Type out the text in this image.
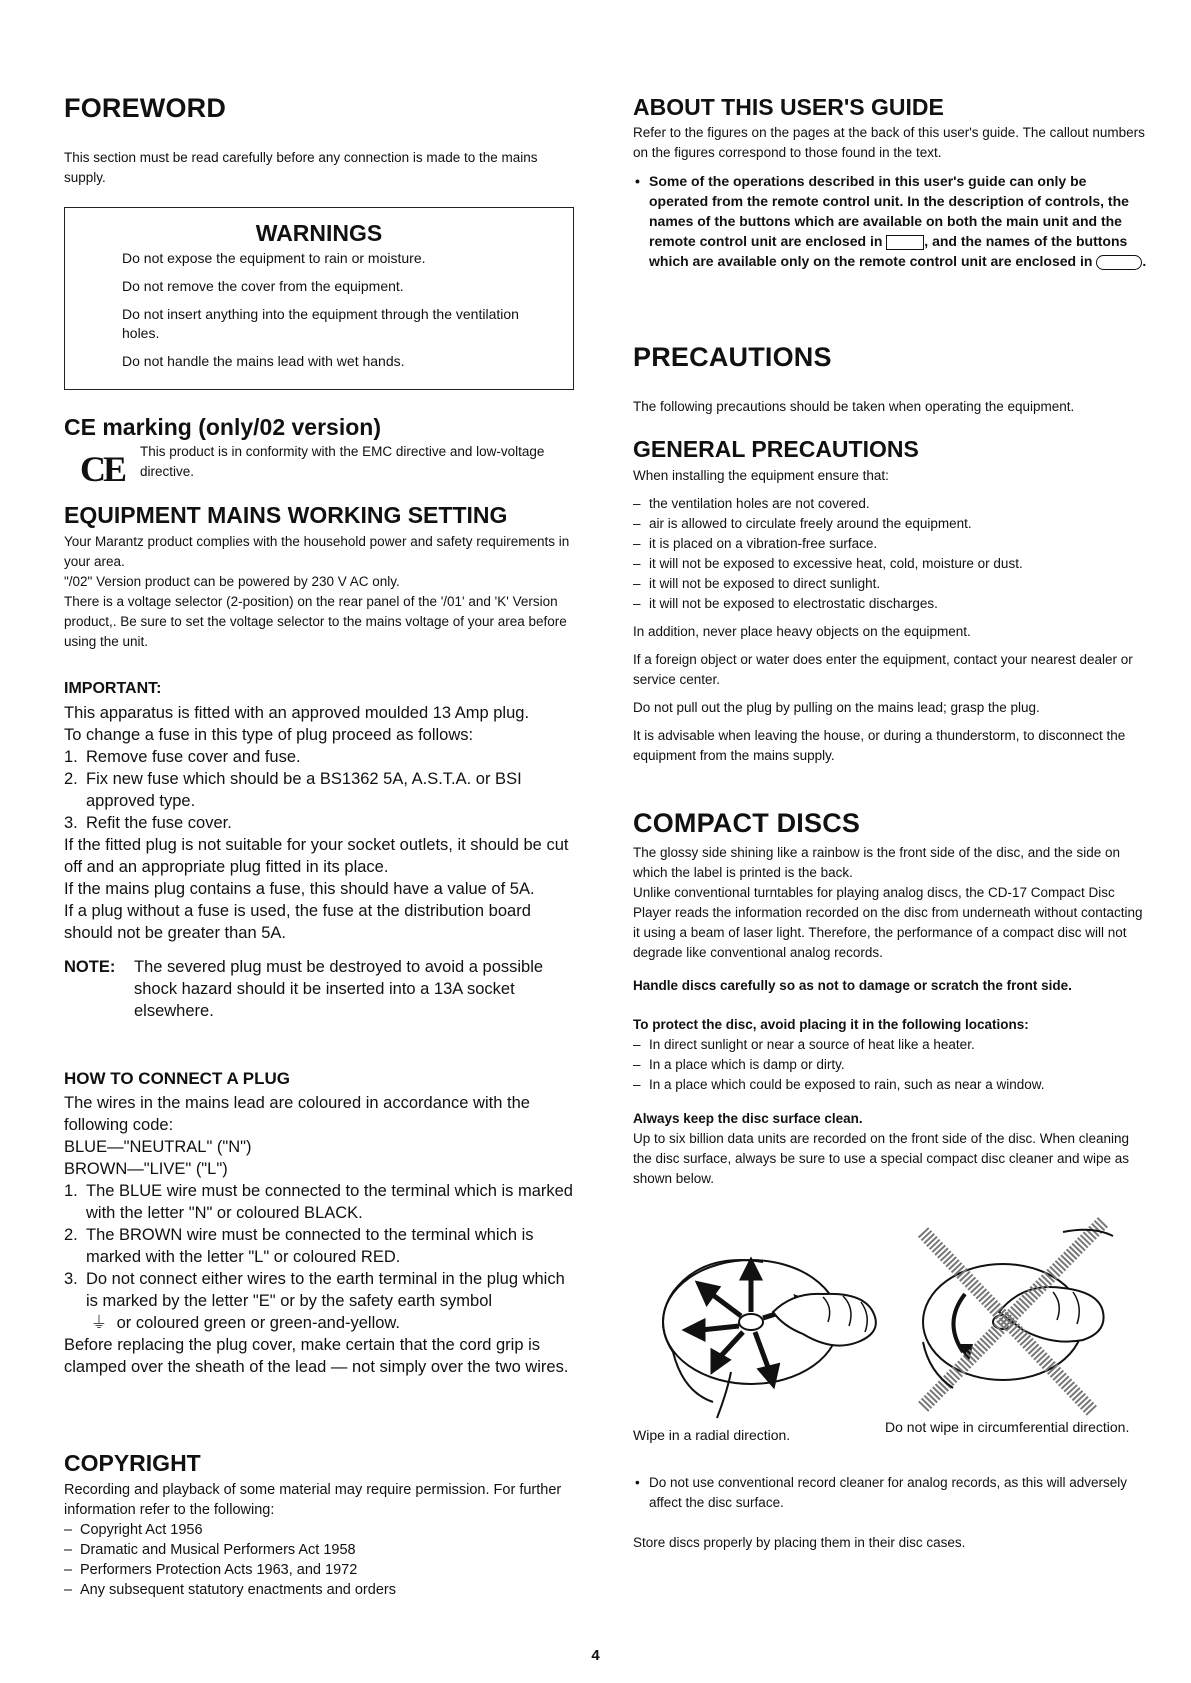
FOREWORD

This section must be read carefully before any connection is made to the mains supply.

WARNINGS

Do not expose the equipment to rain or moisture.

Do not remove the cover from the equipment.

Do not insert anything into the equipment through the ventilation holes.

Do not handle the mains lead with wet hands.

CE marking (only/02 version)
CE This product is in conformity with the EMC directive and low-voltage directive.

EQUIPMENT MAINS WORKING SETTING

Your Marantz product complies with the household power and safety requirements in your area.

"/02" Version product can be powered by 230 V AC only.

There is a voltage selector (2-position) on the rear panel of the '/01' and 'K' Version product,. Be sure to set the voltage selector to the mains voltage of your area before using the unit.

IMPORTANT:

This apparatus is fitted with an approved moulded 13 Amp plug.

To change a fuse in this type of plug proceed as follows:

1. Remove fuse cover and fuse.
2. Fix new fuse which should be a BS1362 5A, A.S.T.A. or BSI approved type.
3. Refit the fuse cover.

If the fitted plug is not suitable for your socket outlets, it should be cut off and an appropriate plug fitted in its place.

If the mains plug contains a fuse, this should have a value of 5A.

If a plug without a fuse is used, the fuse at the distribution board should not be greater than 5A.

NOTE: The severed plug must be destroyed to avoid a possible shock hazard should it be inserted into a 13A socket elsewhere.
HOW TO CONNECT A PLUG

The wires in the mains lead are coloured in accordance with the following code:

BLUE—"NEUTRAL" ("N")

BROWN—"LIVE" ("L")

1. The BLUE wire must be connected to the terminal which is marked with the letter "N" or coloured BLACK.
2. The BROWN wire must be connected to the terminal which is marked with the letter "L" or coloured RED.
3. Do not connect either wires to the earth terminal in the plug which is marked by the letter "E" or by the safety earth symbol
⏚ or coloured green or green-and-yellow.

Before replacing the plug cover, make certain that the cord grip is clamped over the sheath of the lead — not simply over the two wires.

COPYRIGHT

Recording and playback of some material may require permission. For further information refer to the following:

– Copyright Act 1956
– Dramatic and Musical Performers Act 1958
– Performers Protection Acts 1963, and 1972
– Any subsequent statutory enactments and orders
ABOUT THIS USER'S GUIDE

Refer to the figures on the pages at the back of this user's guide. The callout numbers on the figures correspond to those found in the text.

• Some of the operations described in this user's guide can only be operated from the remote control unit. In the description of controls, the names of the buttons which are available on both the main unit and the remote control unit are enclosed in	, and the names of the buttons which are available only on the remote control unit are enclosed in	.
PRECAUTIONS

The following precautions should be taken when operating the equipment.

GENERAL PRECAUTIONS

When installing the equipment ensure that:

– the ventilation holes are not covered.
– air is allowed to circulate freely around the equipment.
– it is placed on a vibration-free surface.
– it will not be exposed to excessive heat, cold, moisture or dust.
– it will not be exposed to direct sunlight.
– it will not be exposed to electrostatic discharges.

In addition, never place heavy objects on the equipment.

If a foreign object or water does enter the equipment, contact your nearest dealer or service center.

Do not pull out the plug by pulling on the mains lead; grasp the plug.

It is advisable when leaving the house, or during a thunderstorm, to disconnect the equipment from the mains supply.

COMPACT DISCS

The glossy side shining like a rainbow is the front side of the disc, and the side on which the label is printed is the back.

Unlike conventional turntables for playing analog discs, the CD-17 Compact Disc Player reads the information recorded on the disc from underneath without contacting it using a beam of laser light. Therefore, the performance of a compact disc will not degrade like conventional analog records.

Handle discs carefully so as not to damage or scratch the front side.

To protect the disc, avoid placing it in the following locations:

– In direct sunlight or near a source of heat like a heater.
– In a place which is damp or dirty.
– In a place which could be exposed to rain, such as near a window.

Always keep the disc surface clean.

Up to six billion data units are recorded on the front side of the disc. When cleaning the disc surface, always be sure to use a special compact disc cleaner and wipe as shown below.

Wipe in a radial direction.	Do not wipe in circumferential direction.

• Do not use conventional record cleaner for analog records, as this will adversely affect the disc surface.

Store discs properly by placing them in their disc cases.

4
